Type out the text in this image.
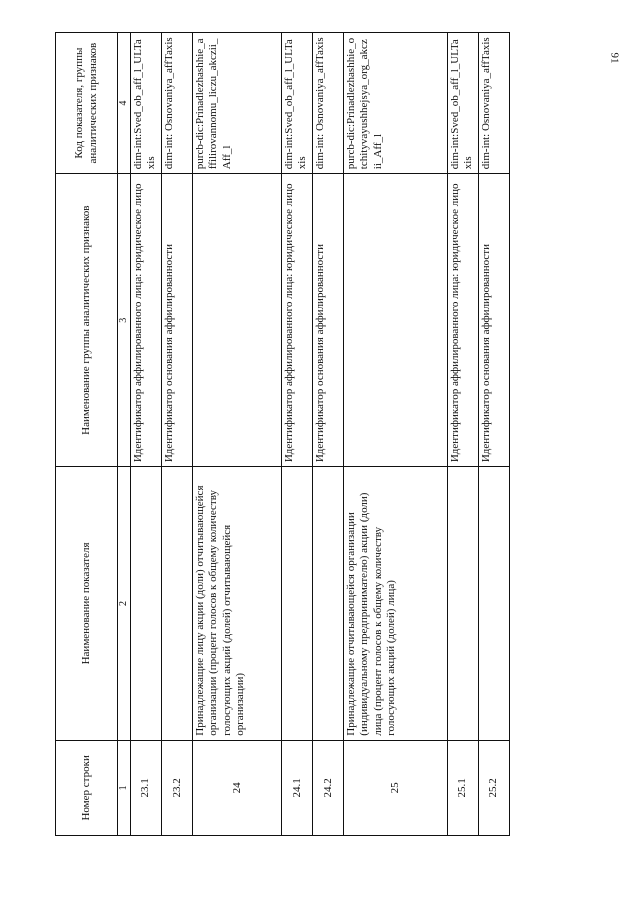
91
Номер строки	Наименование показателя	Наименование группы аналитических признаков	Код показателя, группы аналитических признаков
1	2	3	4
23.1		Идентификатор аффилированного лица: юридическое лицо	dim-int:Sved_ob_aff_l_ULTaxis
23.2		Идентификатор основания аффилированности	dim-int: Osnovaniya_affTaxis
24	Принадлежащие лицу акции (доли) отчитывающейся организации (процент голосов к общему количеству голосующих акций (долей) отчитывающейся организации)		purcb-dic:Prinadlezhashhie_affilirovannomu_liczu_akczii_Aff_l
24.1		Идентификатор аффилированного лица: юридическое лицо	dim-int:Sved_ob_aff_l_ULTaxis
24.2		Идентификатор основания аффилированности	dim-int: Osnovaniya_affTaxis
25	Принадлежащие отчитывающейся организации (индивидуальному предпринимателю) акции (доли) лица (процент голосов к общему количеству голосующих акций (долей) лица)		purcb-dic:Prinadlezhashhie_otchityvayushhejsya_org_akczii_Aff_l
25.1		Идентификатор аффилированного лица: юридическое лицо	dim-int:Sved_ob_aff_l_ULTaxis
25.2		Идентификатор основания аффилированности	dim-int: Osnovaniya_affTaxis
